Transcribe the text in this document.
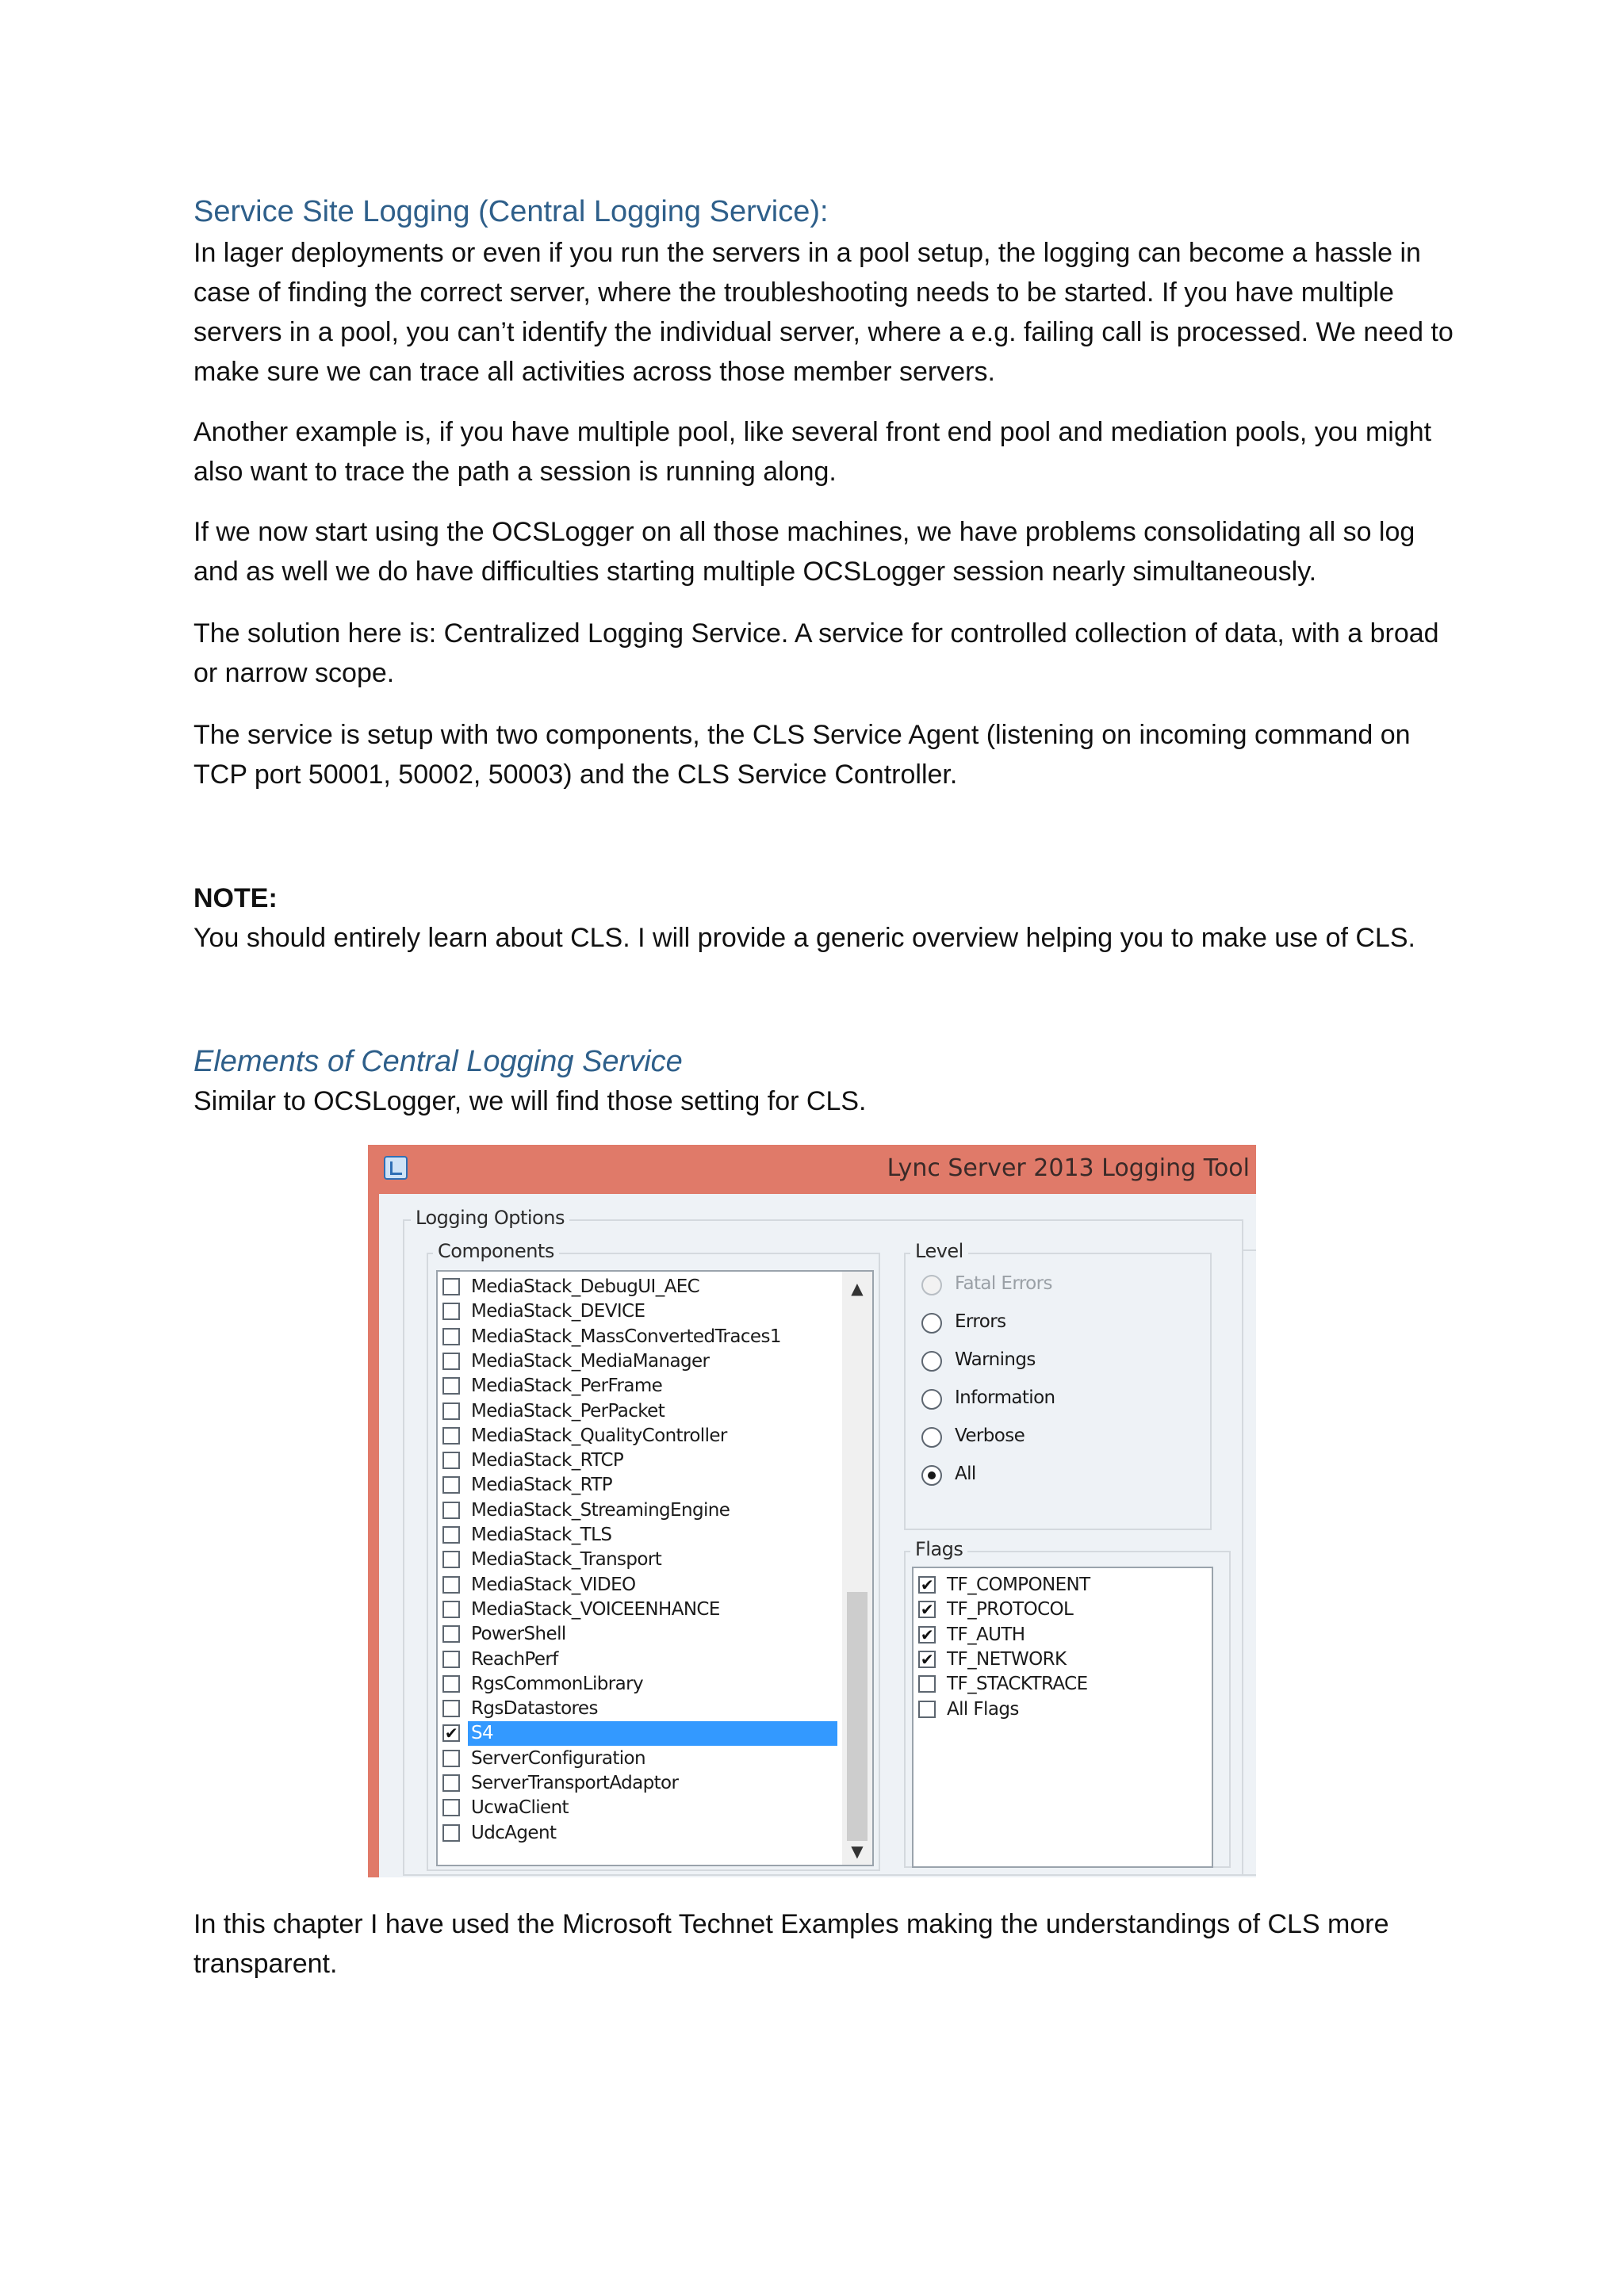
Service Site Logging (Central Logging Service):
In lager deployments or even if you run the servers in a pool setup, the logging can become a hassle in case of finding the correct server, where the troubleshooting needs to be started. If you have multiple servers in a pool, you can’t identify the individual server, where a e.g. failing call is processed. We need to make sure we can trace all activities across those member servers.
Another example is, if you have multiple pool, like several front end pool and mediation pools, you might also want to trace the path a session is running along.
If we now start using the OCSLogger on all those machines, we have problems consolidating all so log and as well we do have difficulties starting multiple OCSLogger session nearly simultaneously.
The solution here is: Centralized Logging Service. A service for controlled collection of data, with a broad or narrow scope.
The service is setup with two components, the CLS Service Agent (listening on incoming command on TCP port 50001, 50002, 50003) and the CLS Service Controller.
NOTE:
You should entirely learn about CLS. I will provide a generic overview helping you to make use of CLS.
Elements of Central Logging Service
Similar to OCSLogger, we will find those setting for CLS.
Lync Server 2013 Logging Tool
Logging Options
Components
MediaStack_DebugUI_AEC
MediaStack_DEVICE
MediaStack_MassConvertedTraces1
MediaStack_MediaManager
MediaStack_PerFrame
MediaStack_PerPacket
MediaStack_QualityController
MediaStack_RTCP
MediaStack_RTP
MediaStack_StreamingEngine
MediaStack_TLS
MediaStack_Transport
MediaStack_VIDEO
MediaStack_VOICEENHANCE
PowerShell
ReachPerf
RgsCommonLibrary
RgsDatastores
✔ S4
ServerConfiguration
ServerTransportAdaptor
UcwaClient
UdcAgent
▲
▼
Level
Fatal Errors
Errors
Warnings
Information
Verbose
All
Flags
✔ TF_COMPONENT
✔ TF_PROTOCOL
✔ TF_AUTH
✔ TF_NETWORK
TF_STACKTRACE
All Flags
In this chapter I have used the Microsoft Technet Examples making the understandings of CLS more transparent.
